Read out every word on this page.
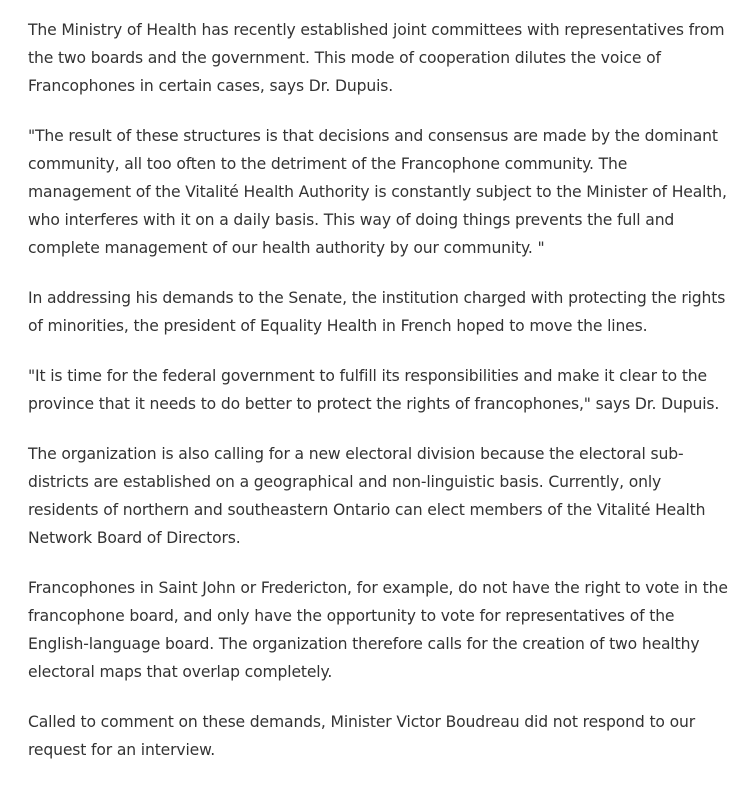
The Ministry of Health has recently established joint committees with representatives from the two boards and the government. This mode of cooperation dilutes the voice of Francophones in certain cases, says Dr. Dupuis.

"The result of these structures is that decisions and consensus are made by the dominant community, all too often to the detriment of the Francophone community. The management of the Vitalité Health Authority is constantly subject to the Minister of Health, who interferes with it on a daily basis. This way of doing things prevents the full and complete management of our health authority by our community. "

In addressing his demands to the Senate, the institution charged with protecting the rights of minorities, the president of Equality Health in French hoped to move the lines.

"It is time for the federal government to fulfill its responsibilities and make it clear to the province that it needs to do better to protect the rights of francophones," says Dr. Dupuis.

The organization is also calling for a new electoral division because the electoral sub-districts are established on a geographical and non-linguistic basis. Currently, only residents of northern and southeastern Ontario can elect members of the Vitalité Health Network Board of Directors.

Francophones in Saint John or Fredericton, for example, do not have the right to vote in the francophone board, and only have the opportunity to vote for representatives of the English-language board. The organization therefore calls for the creation of two healthy electoral maps that overlap completely.

Called to comment on these demands, Minister Victor Boudreau did not respond to our request for an interview.
